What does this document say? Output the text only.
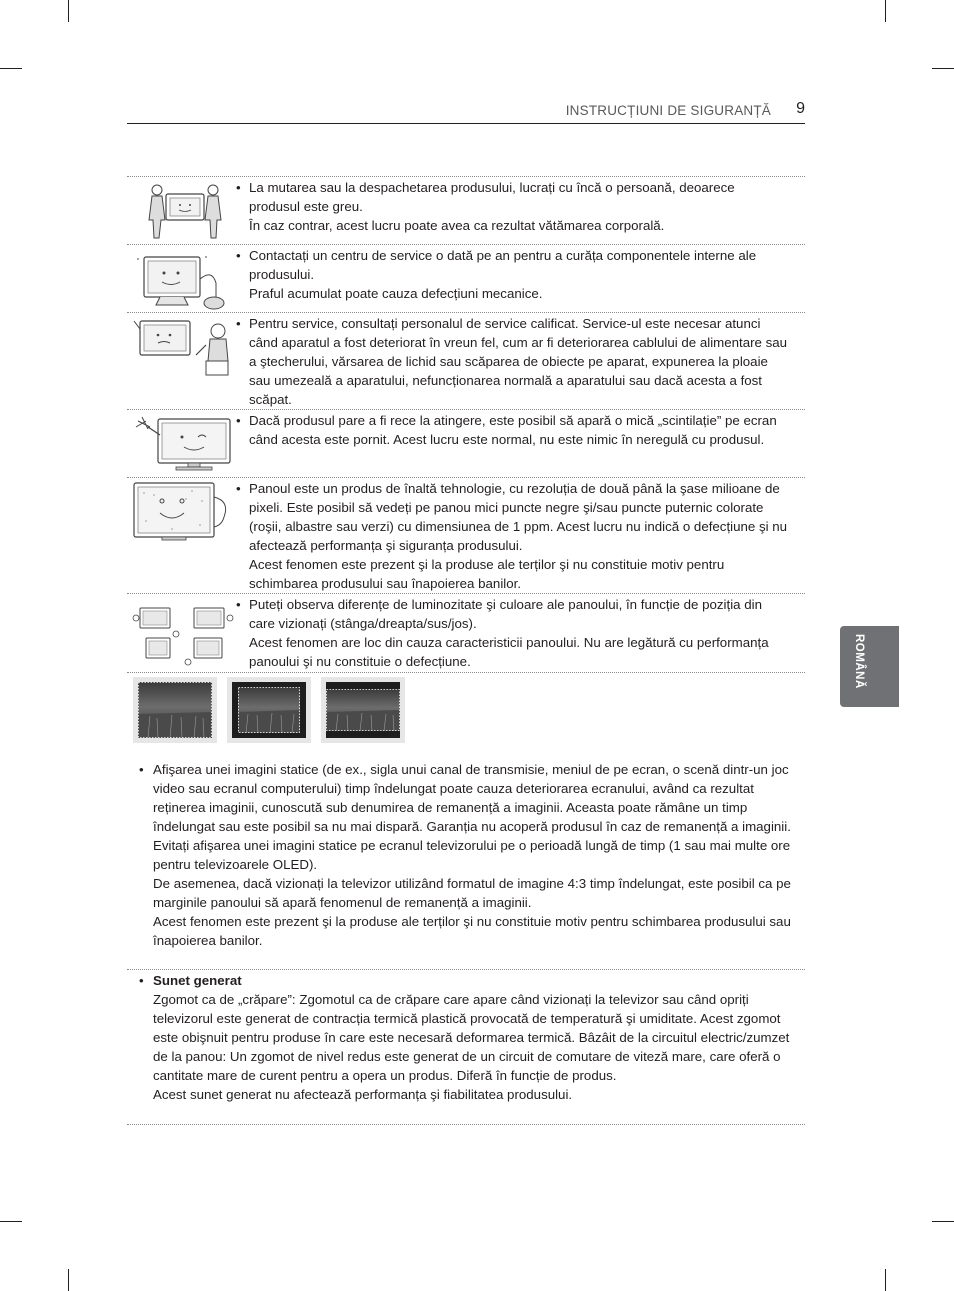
INSTRUCȚIUNI DE SIGURANȚĂ 9
ROMÂNĂ
• La mutarea sau la despachetarea produsului, lucrați cu încă o persoană, deoarece produsul este greu.
În caz contrar, acest lucru poate avea ca rezultat vătămarea corporală.
• Contactați un centru de service o dată pe an pentru a curăța componentele interne ale produsului.
Praful acumulat poate cauza defecțiuni mecanice.
• Pentru service, consultați personalul de service calificat. Service-ul este necesar atunci când aparatul a fost deteriorat în vreun fel, cum ar fi deteriorarea cablului de alimentare sau a ştecherului, vărsarea de lichid sau scăparea de obiecte pe aparat, expunerea la ploaie sau umezeală a aparatului, nefuncționarea normală a aparatului sau dacă acesta a fost scăpat.
• Dacă produsul pare a fi rece la atingere, este posibil să apară o mică „scintilație” pe ecran când acesta este pornit. Acest lucru este normal, nu este nimic în neregulă cu produsul.
• Panoul este un produs de înaltă tehnologie, cu rezoluția de două până la şase milioane de pixeli. Este posibil să vedeți pe panou mici puncte negre şi/sau puncte puternic colorate (roşii, albastre sau verzi) cu dimensiunea de 1 ppm. Acest lucru nu indică o defecțiune şi nu afectează performanța şi siguranța produsului.
Acest fenomen este prezent şi la produse ale terților şi nu constituie motiv pentru schimbarea produsului sau înapoierea banilor.
• Puteți observa diferențe de luminozitate şi culoare ale panoului, în funcție de poziția din care vizionați (stânga/dreapta/sus/jos).
Acest fenomen are loc din cauza caracteristicii panoului. Nu are legătură cu performanța panoului şi nu constituie o defecțiune.
• Afişarea unei imagini statice (de ex., sigla unui canal de transmisie, meniul de pe ecran, o scenă dintr-un joc video sau ecranul computerului) timp îndelungat poate cauza deteriorarea ecranului, având ca rezultat reținerea imaginii, cunoscută sub denumirea de remanență a imaginii. Aceasta poate rămâne un timp îndelungat sau este posibil sa nu mai dispară. Garanția nu acoperă produsul în caz de remanență a imaginii.
Evitați afişarea unei imagini statice pe ecranul televizorului pe o perioadă lungă de timp (1 sau mai multe ore pentru televizoarele OLED).
De asemenea, dacă vizionați la televizor utilizând formatul de imagine 4:3 timp îndelungat, este posibil ca pe marginile panoului să apară fenomenul de remanență a imaginii.
Acest fenomen este prezent şi la produse ale terților şi nu constituie motiv pentru schimbarea produsului sau înapoierea banilor.
• Sunet generat
Zgomot ca de „crăpare”: Zgomotul ca de crăpare care apare când vizionați la televizor sau când opriți televizorul este generat de contracția termică plastică provocată de temperatură şi umiditate. Acest zgomot este obişnuit pentru produse în care este necesară deformarea termică. Bâzâit de la circuitul electric/zumzet de la panou: Un zgomot de nivel redus este generat de un circuit de comutare de viteză mare, care oferă o cantitate mare de curent pentru a opera un produs. Diferă în funcție de produs.
Acest sunet generat nu afectează performanța şi fiabilitatea produsului.
